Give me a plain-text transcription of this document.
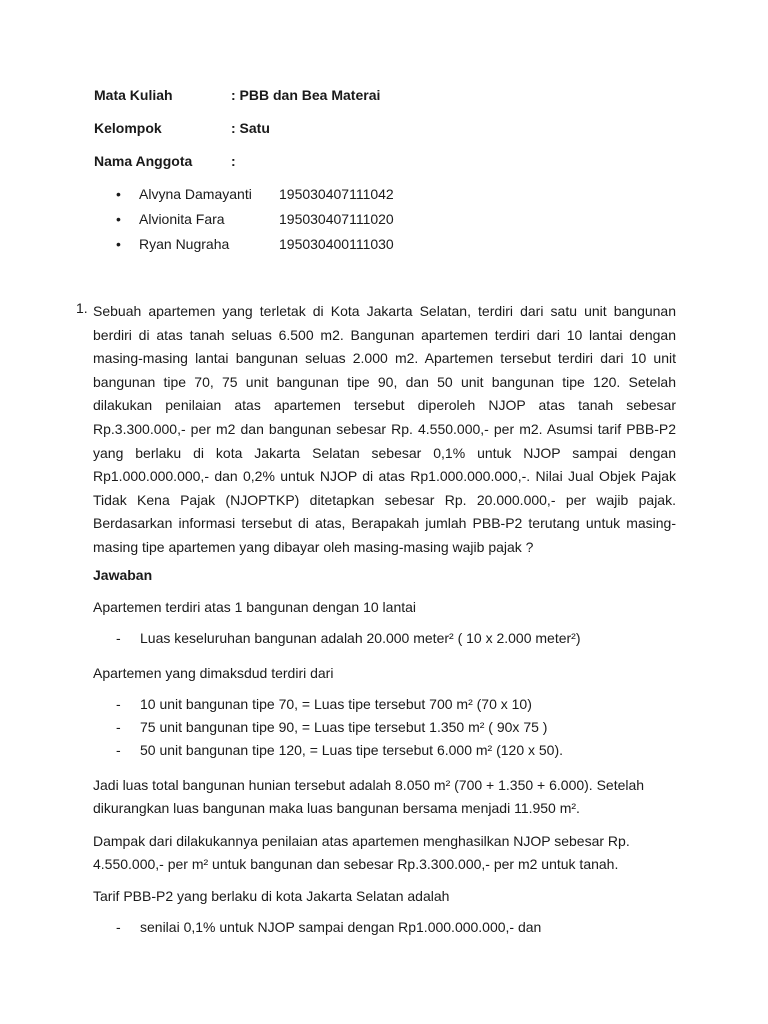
Mata Kuliah	: PBB dan Bea Materai
Kelompok	: Satu
Nama Anggota	:
• Alvyna Damayanti 195030407111042
• Alvionita Fara	195030407111020
• Ryan Nugraha	195030400111030
1. Sebuah apartemen yang terletak di Kota Jakarta Selatan, terdiri dari satu unit bangunan berdiri di atas tanah seluas 6.500 m2. Bangunan apartemen terdiri dari 10 lantai dengan masing-masing lantai bangunan seluas 2.000 m2. Apartemen tersebut terdiri dari 10 unit bangunan tipe 70, 75 unit bangunan tipe 90, dan 50 unit bangunan tipe 120. Setelah dilakukan penilaian atas apartemen tersebut diperoleh NJOP atas tanah sebesar Rp.3.300.000,- per m2 dan bangunan sebesar Rp. 4.550.000,- per m2. Asumsi tarif PBB-P2 yang berlaku di kota Jakarta Selatan sebesar 0,1% untuk NJOP sampai dengan Rp1.000.000.000,- dan 0,2% untuk NJOP di atas Rp1.000.000.000,-. Nilai Jual Objek Pajak Tidak Kena Pajak (NJOPTKP) ditetapkan sebesar Rp. 20.000.000,- per wajib pajak. Berdasarkan informasi tersebut di atas, Berapakah jumlah PBB-P2 terutang untuk masing-masing tipe apartemen yang dibayar oleh masing-masing wajib pajak ?
Jawaban
Apartemen terdiri atas 1 bangunan dengan 10 lantai
- Luas keseluruhan bangunan adalah 20.000 meter² ( 10 x 2.000 meter²)
Apartemen yang dimaksdud terdiri dari
- 10 unit bangunan tipe 70, = Luas tipe tersebut 700 m² (70 x 10)
- 75 unit bangunan tipe 90, = Luas tipe tersebut 1.350 m² ( 90x 75 )
- 50 unit bangunan tipe 120, = Luas tipe tersebut 6.000 m² (120 x 50).
Jadi luas total bangunan hunian tersebut adalah 8.050 m² (700 + 1.350 + 6.000). Setelah dikurangkan luas bangunan maka luas bangunan bersama menjadi 11.950 m².
Dampak dari dilakukannya penilaian atas apartemen menghasilkan NJOP sebesar Rp. 4.550.000,- per m² untuk bangunan dan sebesar Rp.3.300.000,- per m2 untuk tanah.
Tarif PBB-P2 yang berlaku di kota Jakarta Selatan adalah
- senilai 0,1% untuk NJOP sampai dengan Rp1.000.000.000,- dan
